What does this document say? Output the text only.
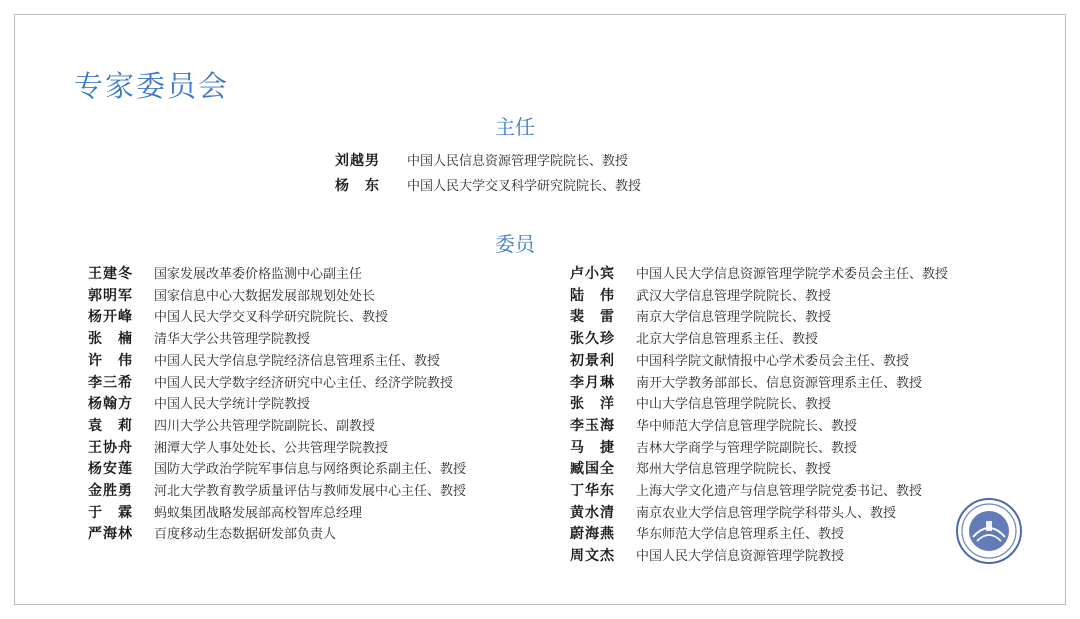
专家委员会
主任
刘越男 中国人民信息资源管理学院院长、教授
杨　东 中国人民大学交叉科学研究院院长、教授
委员
王建冬 国家发展改革委价格监测中心副主任
郭明军 国家信息中心大数据发展部规划处处长
杨开峰 中国人民大学交叉科学研究院院长、教授
张　楠 清华大学公共管理学院教授
许　伟 中国人民大学信息学院经济信息管理系主任、教授
李三希 中国人民大学数字经济研究中心主任、经济学院教授
杨翰方 中国人民大学统计学院教授
袁　莉 四川大学公共管理学院副院长、副教授
王协舟 湘潭大学人事处处长、公共管理学院教授
杨安莲 国防大学政治学院军事信息与网络舆论系副主任、教授
金胜勇 河北大学教育教学质量评估与教师发展中心主任、教授
于　霖 蚂蚁集团战略发展部高校智库总经理
严海林 百度移动生态数据研发部负责人
卢小宾 中国人民大学信息资源管理学院学术委员会主任、教授
陆　伟 武汉大学信息管理学院院长、教授
裴　雷 南京大学信息管理学院院长、教授
张久珍 北京大学信息管理系主任、教授
初景利 中国科学院文献情报中心学术委员会主任、教授
李月琳 南开大学教务部部长、信息资源管理系主任、教授
张　洋 中山大学信息管理学院院长、教授
李玉海 华中师范大学信息管理学院院长、教授
马　捷 吉林大学商学与管理学院副院长、教授
臧国全 郑州大学信息管理学院院长、教授
丁华东 上海大学文化遗产与信息管理学院党委书记、教授
黄水清 南京农业大学信息管理学院学科带头人、教授
蔚海燕 华东师范大学信息管理系主任、教授
周文杰 中国人民大学信息资源管理学院教授
